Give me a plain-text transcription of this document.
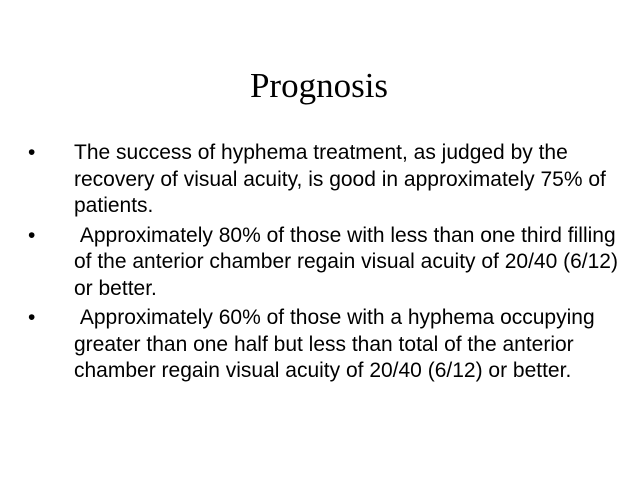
Prognosis
•	The success of hyphema treatment, as judged by the recovery of visual acuity, is good in approximately 75% of patients.
•	Approximately 80% of those with less than one third filling of the anterior chamber regain visual acuity of 20/40 (6/12) or better.
•	Approximately 60% of those with a hyphema occupying greater than one half but less than total of the anterior chamber regain visual acuity of 20/40 (6/12) or better.
